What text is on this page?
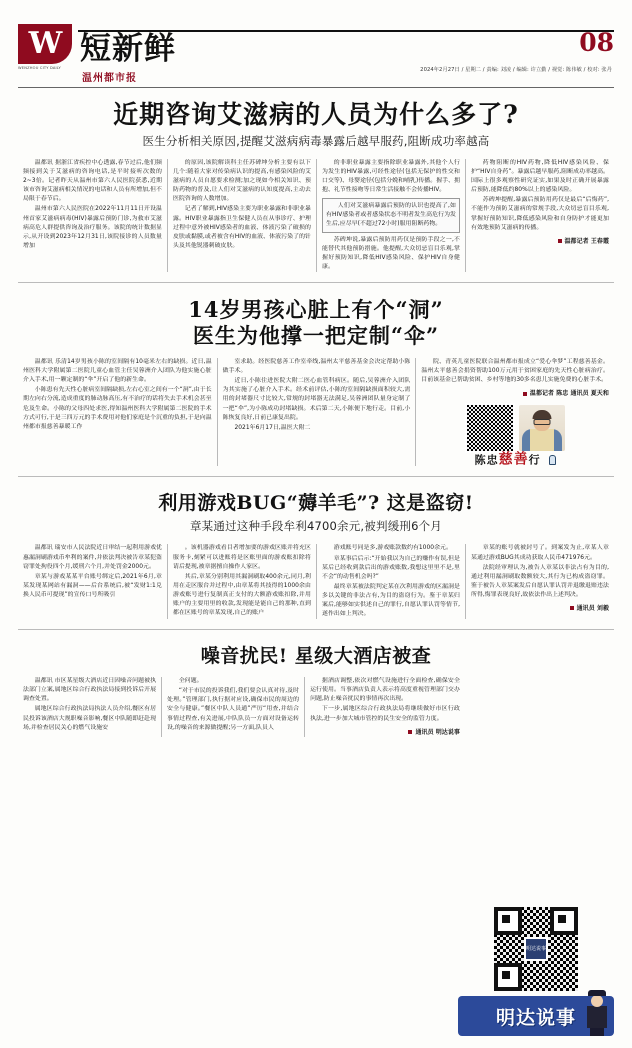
W
WENZHOU CITY DAILY
短新鲜
温州都市报
08
2024年2月27日 / 星期二 / 责编: 刘凌 / 编辑: 许立勤 / 视觉: 陈伟敏 / 校对: 张丹
近期咨询艾滋病的人员为什么多了?
医生分析相关原因,提醒艾滋病病毒暴露后越早服药,阻断成功率越高

温都讯 据浙江省疾控中心透露,春节过后,他们频频接到关于艾滋病的咨询电话,是平时接听次数的2~3倍。记者昨天从温州市第六人民医院获悉,近期该市咨询艾滋病相关情况的电话和人员有所增加,但不局限于春节后。

温州市第六人民医院在2022年11月11日开设温州首家艾滋病病毒(HIV)暴露后预防门诊,为救市艾滋病高危人群提供咨询及治疗服务。该院的统计数据显示,从开设到2023年12月31日,该院接诊的人员数量增加

的原因,该院解读科主任苏碑坤分析主要有以下几个:随着大家对传染病认识的提高,有感染风险的艾滋病的人员自愿要求检测;加之现如今相关知识、预防药物的普及,让人们对艾滋病的认知度提高,主动去医院咨询的人数增加。

记者了解到,HIV感染主要为职业暴露和非职业暴露。HIV职业暴露指卫生保健人员在从事诊疗、护理过程中意外被HIV感染者的血液、体液污染了破损的皮肤或黏膜,或者被含有HIV的血液、体液污染了的针头及其他锐器刺破皮肤。

的非职业暴露主要指除职业暴露外,其他个人行为发生的HIV暴露,可经性途径(包括无保护的性交和口交等)、母婴途径(包括分娩和哺乳)传播。握手、拥抱、礼节性接吻等日常生活接触不会传播HIV。

人们对艾滋病暴露后预防的认识也提高了,如有HIV感染者或者感染状态不明者发生高危行为发生后,应尽早(不超过72小时)服用阻断药物。

苏碑坤说,暴露后预防用药仅是预防手段之一,不能替代其他预防措施。他提醒,大众切忌盲目乐观,掌握好预防知识,降低HIV感染风险、保护HIV自身健康。

药物阻断的HIV药物,降低HIV感染风险、保护“HIV自身药”。暴露后越早服药,阻断成功率越高。国际上很多观察性研究证实,如果及时正确开展暴露后预防,能降低约80%以上的感染风险。

苏碑坤提醒,暴露后预防用药仅是最后“后悔药”,不能作为预防艾滋病的常规手段,大众切忌盲目乐观,掌握好预防知识,降低感染风险和自身防护才能更加有效地预防艾滋病的传播。

温都记者 王春霞
14岁男孩心脏上有个“洞”
医生为他撑一把定制“伞”

温都讯 乐清14岁男孩小陈的室间隔有10毫米左右的缺损。近日,温州医科大学附属第二医院儿童心血管主任吴蓉洲介入团队为他实施心脏介入手术,用一颗定制的“伞”开启了他的新生命。

小陈患有先天性心脏病室间隔缺损,左右心室之间有一个“洞”,由于长期左向右分流,造成重度的肺动脉高压,有不治疗的话将失去手术机会甚至危及生命。小陈的父母四处求医,得知温州医科大学附属第二医院的手术方式可行,于是三四万元的手术费用对他们家庭是个沉重的负担,于是向温州都市报慈善暴暖工作

室求助。经医院慈善工作室牵线,温州太平慈善基金会决定帮助小陈做手术。

近日,小陈住进医院大附二医心血管科病区。随后,吴蓉洲介入团队为其实施了心脏介入手术。经术前评估,小陈的室间隔缺损面积较大,需用的封堵器尺寸比较大,常规的封堵器无法满足,吴蓉洲团队量身定制了一把“伞”,为小陈成功封堵缺损。术后第二天,小陈便下地行走。目前,小陈恢复良好,日前已康复出院。

2021年6月17日,温医大附二

院、青英儿童医院联合温州都市报成立“爱心伞梦”工程慈善基金。温州太平慈善会捐资帮助100万元用于贫困家庭的先天性心脏病治疗。目前该基金已帮助贫困、乡村等地的30多名患儿实施免费的心脏手术。

温都记者 陈忠 通讯员 夏天和

陈忠慈善行
利用游戏BUG“薅羊毛”? 这是盗窃!
章某通过这种手段牟利4700余元,被判缓刑6个月

温都讯 瑞安市人民法院近日审结一起利用游戏优惠漏洞刷游戏币牟利的案件,并依法判决被告章某犯盗窃罪处拘役四个月,缓刑六个月,并处罚金2000元。

章某与游戏某某平台账号绑定后,2021年6月,章某发现某网站有漏洞——后台系统后,被“发财1:1兑换人民币可提现”的宣传口号所吸引

。该机器游戏看目者增加要的游戏区账并将充区服务卡,刻紧可以进账将是区账里面的游戏账扣除将请后提现,被章据擅自操作人家区。

其后,章某分别利用其漏洞刷取400余元,同月,利用在走区服台并过程中,由章某将其技得的1000余由游戏账号进行复制真正支付的大额游戏账扣除,并用账户的主要用里的收款,发现能是能自己的那种,直到都在区账号的章某发现,自己的账户

游戏账号同是多,游戏账款数约有1000余元。

章某事后后示:“开始我以为自己的赚作有误,但是某后已经收到款后出的游戏账数,我想这里里不是,里不会“的动售机会吗?”

最终章某被法院判定某在次利用游戏的区漏洞是多以关键的非法占有,为目的盗窃行为。鉴于章某归案后,能够如实供述自己的罪行,自愿认罪认罚等情节,遂作出如上判决。

章某的账号就被封号了。到案发为止,章某人章某通过游戏BUG其成功获取人民币471976元。

法院经审理认为,被告人章某以非法占有为目的,通过利用漏洞刷取数额较大,其行为已构成盗窃罪。鉴于被告人章某案发后自愿认罪认罚并退缴退赔违法所得,悔罪表现良好,故依法作出上述判决。

通讯员 刘毅
噪音扰民! 星级大酒店被查

温都讯 市区某星级大酒店近日因噪音问题被执法部门立案,属地区综合行政执法局接到投诉后开展调查处置。

属地区综合行政执法局执法人员介绍,餐区有居民投诉该酒店大规职噪音影响,餐区中队随即赶赴现场,并检查居民关心的燃气设施安

全问题。

“对于市民的投诉我们,我们要会认真对待,及时处理。”管理部门,执行据对应设,确保市民的周边的安全与健康。”餐区中队人员通”严厉“用查,并结合事情过程查,有关进展,中队队员一方面对设备运转设,的噪音的来源做提醒;另一方面,队员人

据酒店调整,依次对燃气设施进行全面检查,确保安全运行使用。当事酒店负责人表示将高度重视管理部门交办问题,防止噪音扰民的事情再次出现。

下一步,属地区综合行政执法局将继续做好市区行政执法,进一步加大城市管控的民生安全的监管力度。

通讯员 明达说事
明达说事
明达说事
